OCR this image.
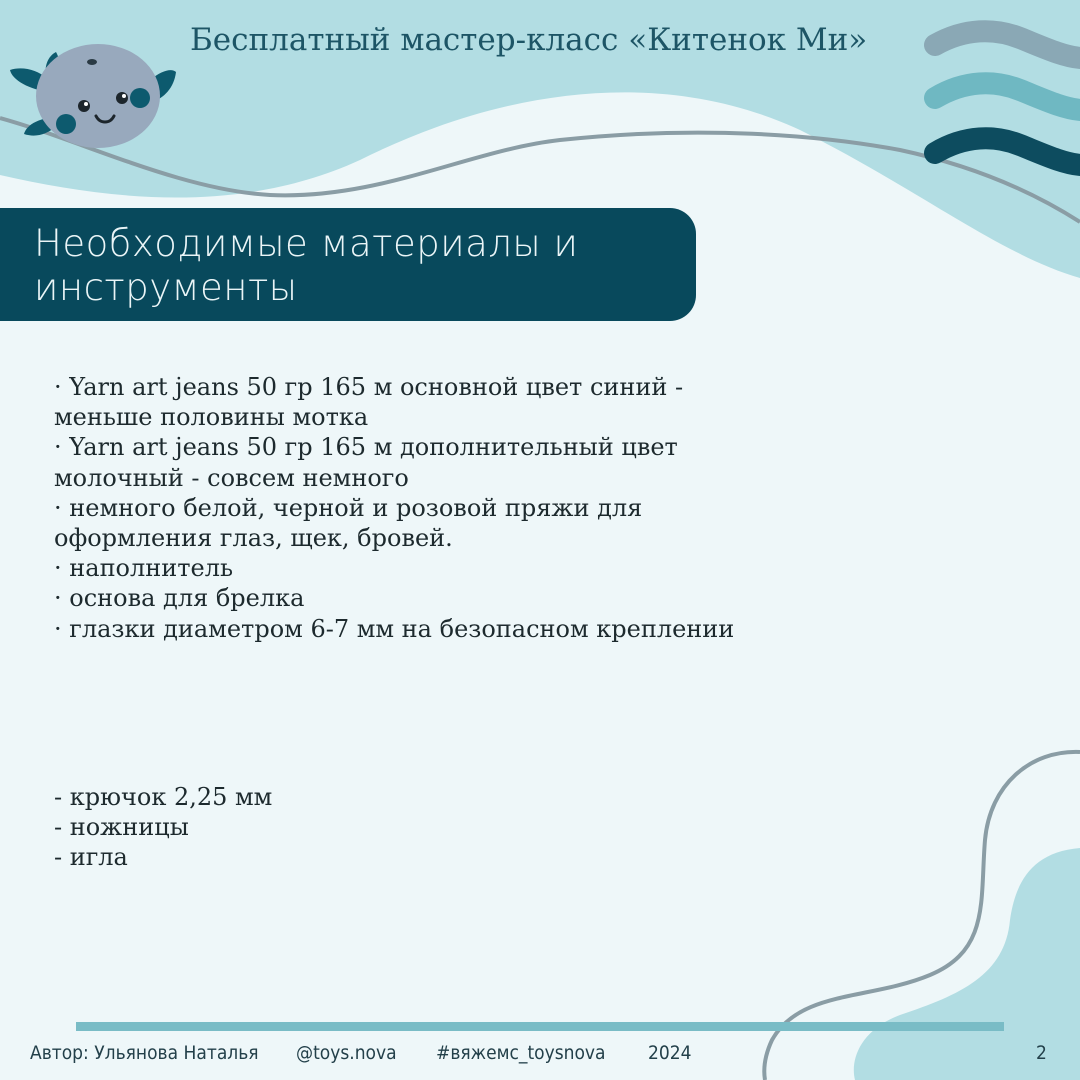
Бесплатный мастер-класс «Китенок Ми»
Необходимые материалы и
инструменты
· Yarn art jeans 50 гр 165 м основной цвет синий -
меньше половины мотка
· Yarn art jeans 50 гр 165 м дополнительный цвет
молочный - совсем немного
· немного белой, черной и розовой пряжи для
оформления глаз, щек, бровей.
· наполнитель
· основа для брелка
· глазки диаметром 6-7 мм на безопасном креплении
- крючок 2,25 мм
- ножницы
- игла
Автор: Ульянова Наталья @toys.nova #вяжемс_toysnova 2024	2
